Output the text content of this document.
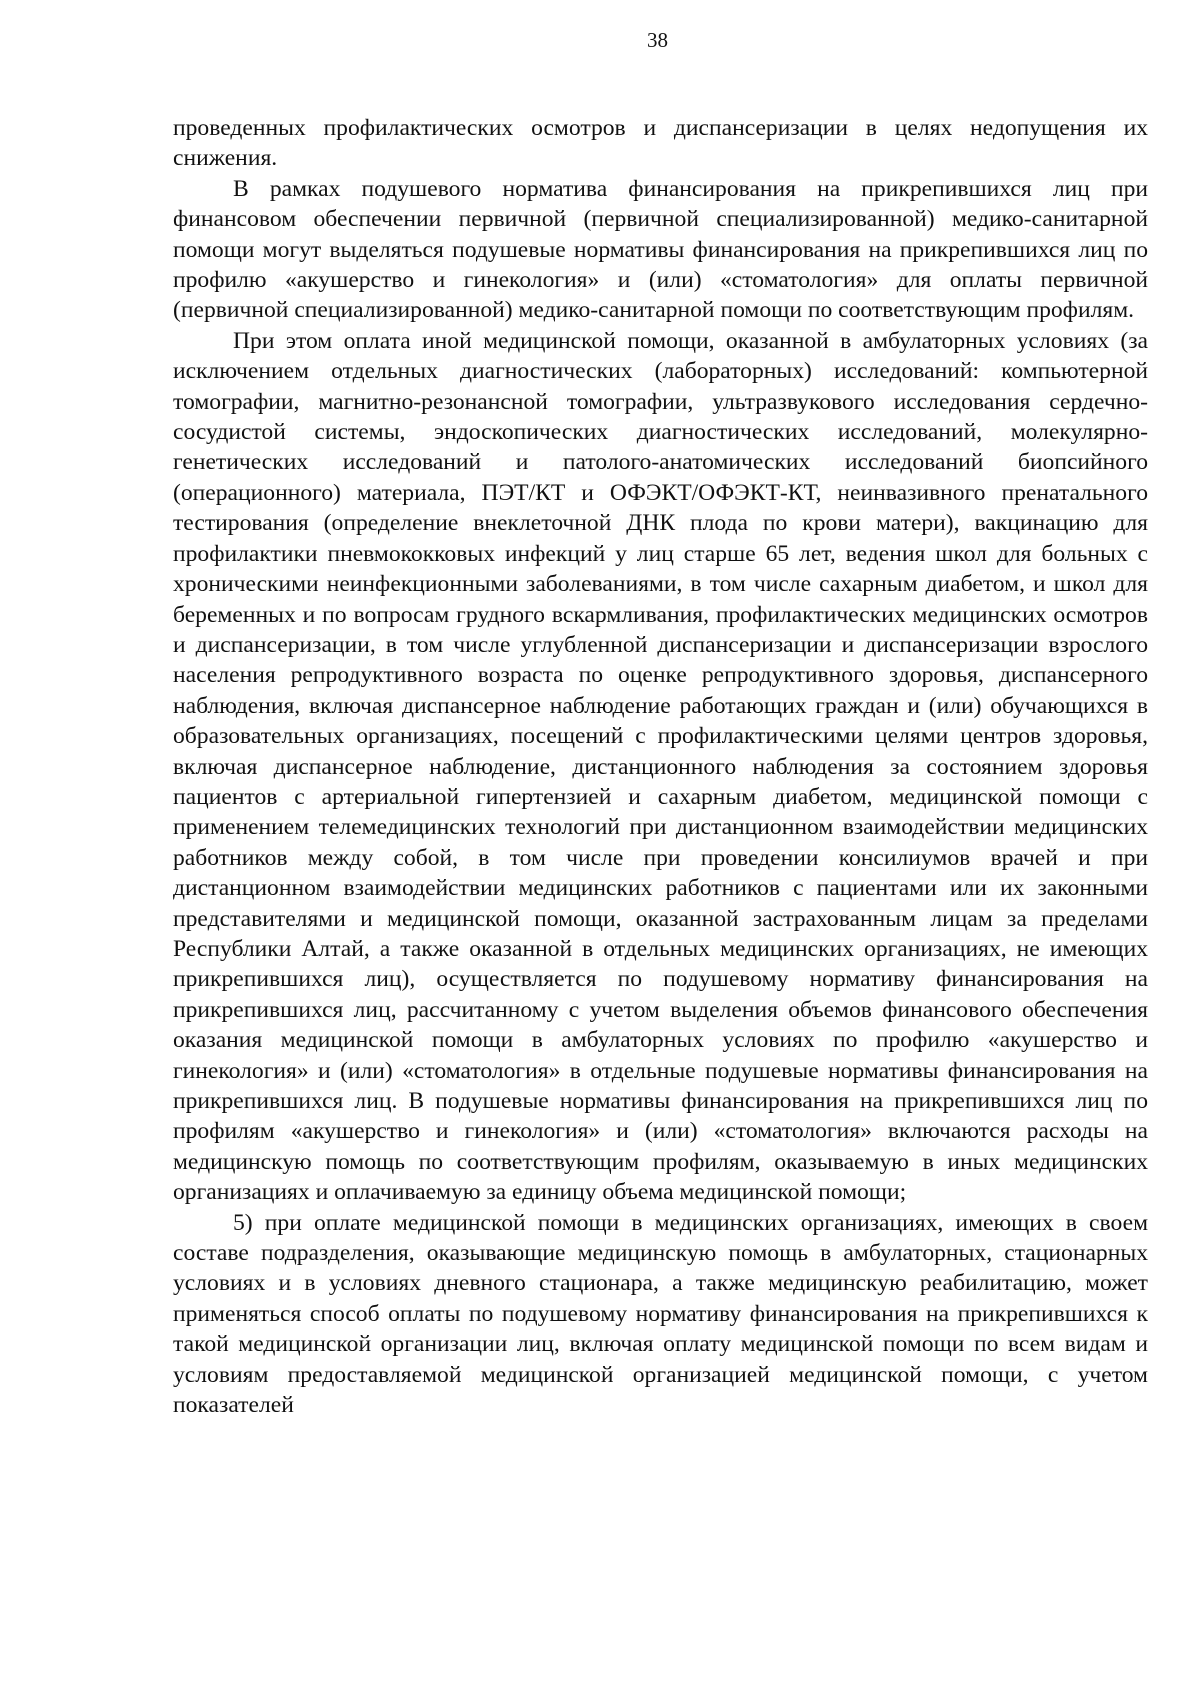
38

проведенных профилактических осмотров и диспансеризации в целях недопущения их снижения.

В рамках подушевого норматива финансирования на прикрепившихся лиц при финансовом обеспечении первичной (первичной специализированной) медико-санитарной помощи могут выделяться подушевые нормативы финансирования на прикрепившихся лиц по профилю «акушерство и гинекология» и (или) «стоматология» для оплаты первичной (первичной специализированной) медико-санитарной помощи по соответствующим профилям.

При этом оплата иной медицинской помощи, оказанной в амбулаторных условиях (за исключением отдельных диагностических (лабораторных) исследований: компьютерной томографии, магнитно-резонансной томографии, ультразвукового исследования сердечно-сосудистой системы, эндоскопических диагностических исследований, молекулярно-генетических исследований и патолого-анатомических исследований биопсийного (операционного) материала, ПЭТ/КТ и ОФЭКТ/ОФЭКТ-КТ, неинвазивного пренатального тестирования (определение внеклеточной ДНК плода по крови матери), вакцинацию для профилактики пневмококковых инфекций у лиц старше 65 лет, ведения школ для больных с хроническими неинфекционными заболеваниями, в том числе сахарным диабетом, и школ для беременных и по вопросам грудного вскармливания, профилактических медицинских осмотров и диспансеризации, в том числе углубленной диспансеризации и диспансеризации взрослого населения репродуктивного возраста по оценке репродуктивного здоровья, диспансерного наблюдения, включая диспансерное наблюдение работающих граждан и (или) обучающихся в образовательных организациях, посещений с профилактическими целями центров здоровья, включая диспансерное наблюдение, дистанционного наблюдения за состоянием здоровья пациентов с артериальной гипертензией и сахарным диабетом, медицинской помощи с применением телемедицинских технологий при дистанционном взаимодействии медицинских работников между собой, в том числе при проведении консилиумов врачей и при дистанционном взаимодействии медицинских работников с пациентами или их законными представителями и медицинской помощи, оказанной застрахованным лицам за пределами Республики Алтай, а также оказанной в отдельных медицинских организациях, не имеющих прикрепившихся лиц), осуществляется по подушевому нормативу финансирования на прикрепившихся лиц, рассчитанному с учетом выделения объемов финансового обеспечения оказания медицинской помощи в амбулаторных условиях по профилю «акушерство и гинекология» и (или) «стоматология» в отдельные подушевые нормативы финансирования на прикрепившихся лиц. В подушевые нормативы финансирования на прикрепившихся лиц по профилям «акушерство и гинекология» и (или) «стоматология» включаются расходы на медицинскую помощь по соответствующим профилям, оказываемую в иных медицинских организациях и оплачиваемую за единицу объема медицинской помощи;

5) при оплате медицинской помощи в медицинских организациях, имеющих в своем составе подразделения, оказывающие медицинскую помощь в амбулаторных, стационарных условиях и в условиях дневного стационара, а также медицинскую реабилитацию, может применяться способ оплаты по подушевому нормативу финансирования на прикрепившихся к такой медицинской организации лиц, включая оплату медицинской помощи по всем видам и условиям предоставляемой медицинской организацией медицинской помощи, с учетом показателей
